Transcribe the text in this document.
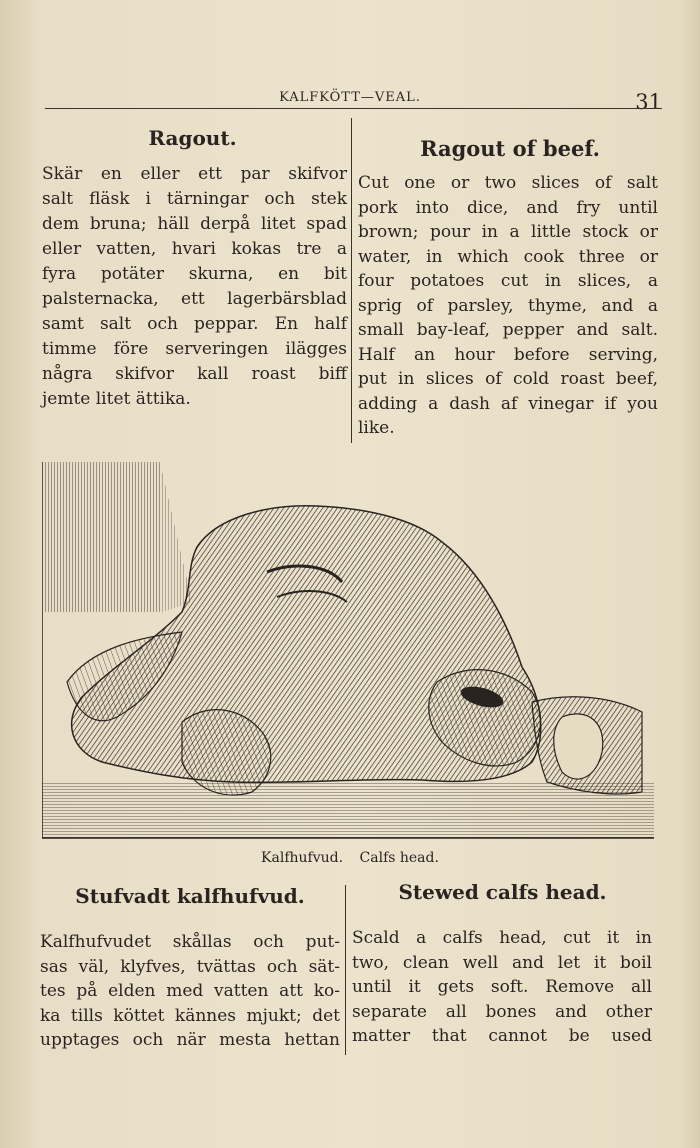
KALFKÖTT—VEAL.	31
Ragout.
Skär en eller ett par skifvor
salt fläsk i tärningar och stek
dem bruna; häll derpå litet spad
eller vatten, hvari kokas tre a
fyra potäter skurna, en bit
palsternacka, ett lagerbärsblad
samt salt och peppar. En half
timme före serveringen ilägges
några skifvor kall roast biff
jemte litet ättika.
Ragout of beef.
Cut one or two slices of salt
pork into dice, and fry until
brown; pour in a little stock or
water, in which cook three or
four potatoes cut in slices, a
sprig of parsley, thyme, and a
small bay-leaf, pepper and salt.
Half an hour before serving,
put in slices of cold roast beef,
adding a dash af vinegar if you
like.
Kalfhufvud. Calfs head.
Stufvadt kalfhufvud.
Kalfhufvudet skållas och put-
sas väl, klyfves, tvättas och sät-
tes på elden med vatten att ko-
ka tills köttet kännes mjukt; det
upptages och när mesta hettan
Stewed calfs head.
Scald a calfs head, cut it in
two, clean well and let it boil
until it gets soft. Remove all
separate all bones and other
matter that cannot be used
